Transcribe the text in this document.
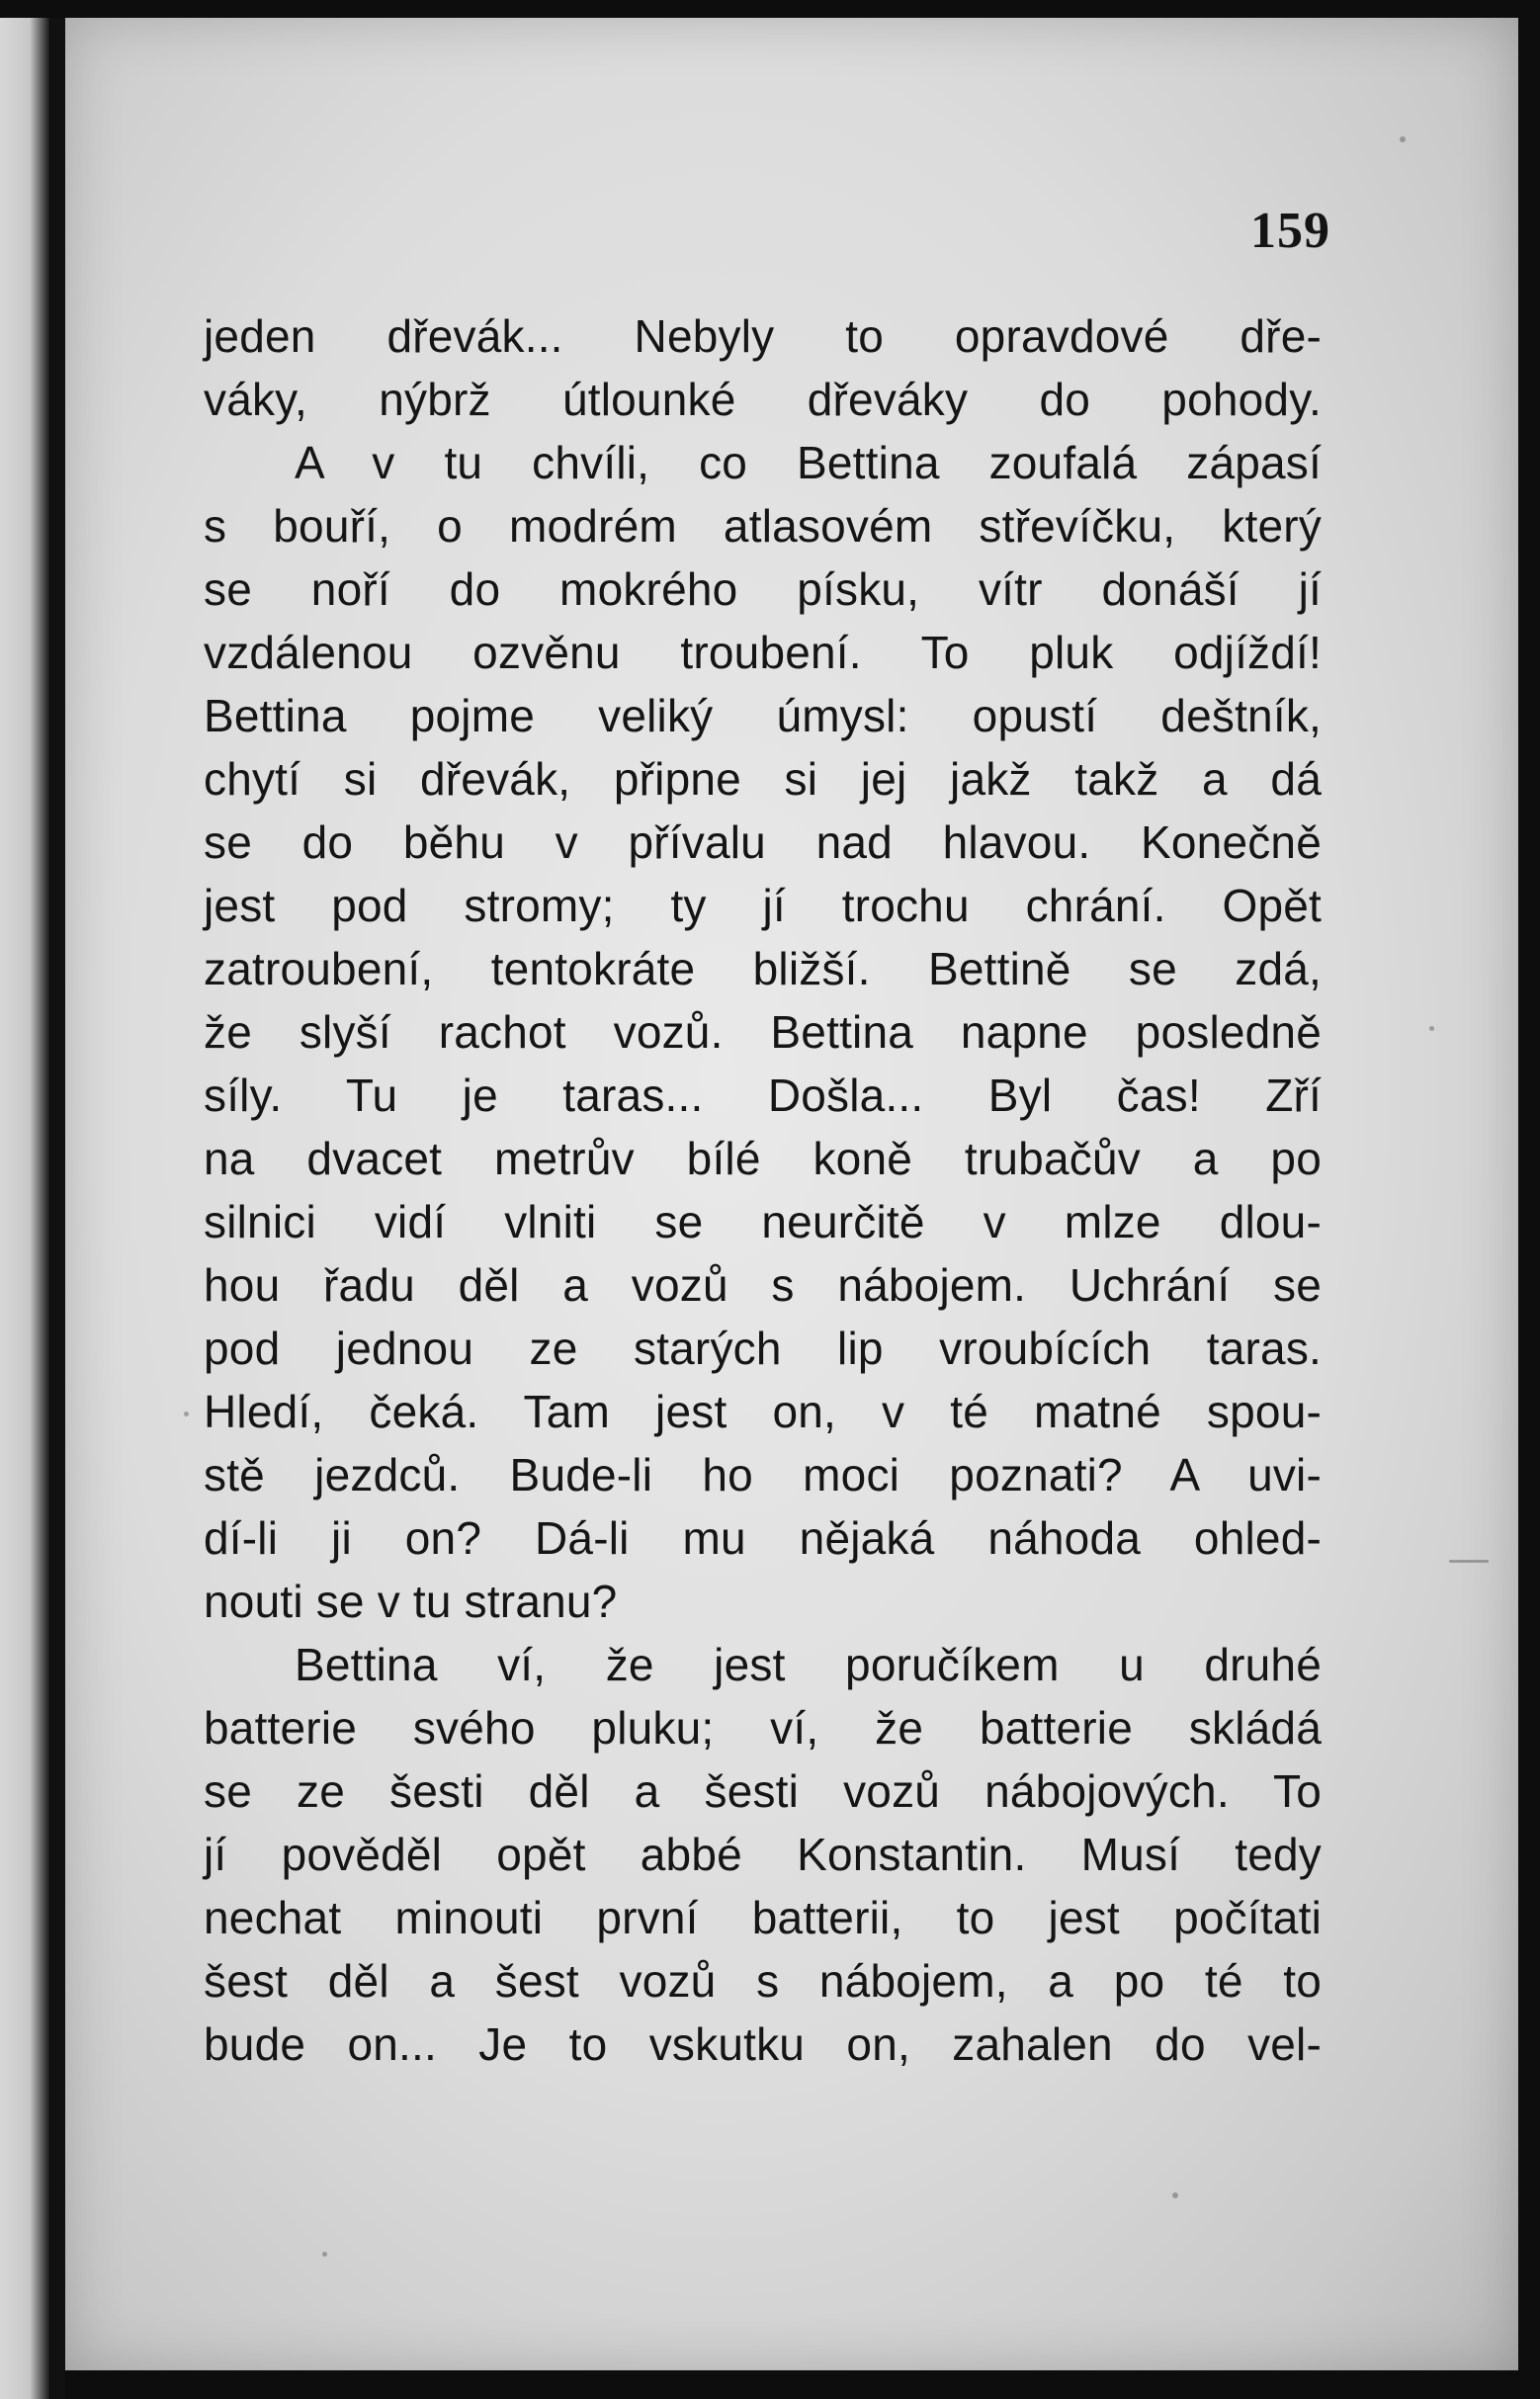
159
jeden dřevák... Nebyly to opravdové dře-
váky, nýbrž útlounké dřeváky do pohody.
A v tu chvíli, co Bettina zoufalá zápasí
s bouří, o modrém atlasovém střevíčku, který
se noří do mokrého písku, vítr donáší jí
vzdálenou ozvěnu troubení. To pluk odjíždí!
Bettina pojme veliký úmysl: opustí deštník,
chytí si dřevák, připne si jej jakž takž a dá
se do běhu v přívalu nad hlavou. Konečně
jest pod stromy; ty jí trochu chrání. Opět
zatroubení, tentokráte bližší. Bettině se zdá,
že slyší rachot vozů. Bettina napne posledně
síly. Tu je taras... Došla... Byl čas! Zří
na dvacet metrův bílé koně trubačův a po
silnici vidí vlniti se neurčitě v mlze dlou-
hou řadu děl a vozů s nábojem. Uchrání se
pod jednou ze starých lip vroubících taras.
Hledí, čeká. Tam jest on, v té matné spou-
stě jezdců. Bude-li ho moci poznati? A uvi-
dí-li ji on? Dá-li mu nějaká náhoda ohled-
nouti se v tu stranu?
Bettina ví, že jest poručíkem u druhé
batterie svého pluku; ví, že batterie skládá
se ze šesti děl a šesti vozů nábojových. To
jí pověděl opět abbé Konstantin. Musí tedy
nechat minouti první batterii, to jest počítati
šest děl a šest vozů s nábojem, a po té to
bude on... Je to vskutku on, zahalen do vel-
